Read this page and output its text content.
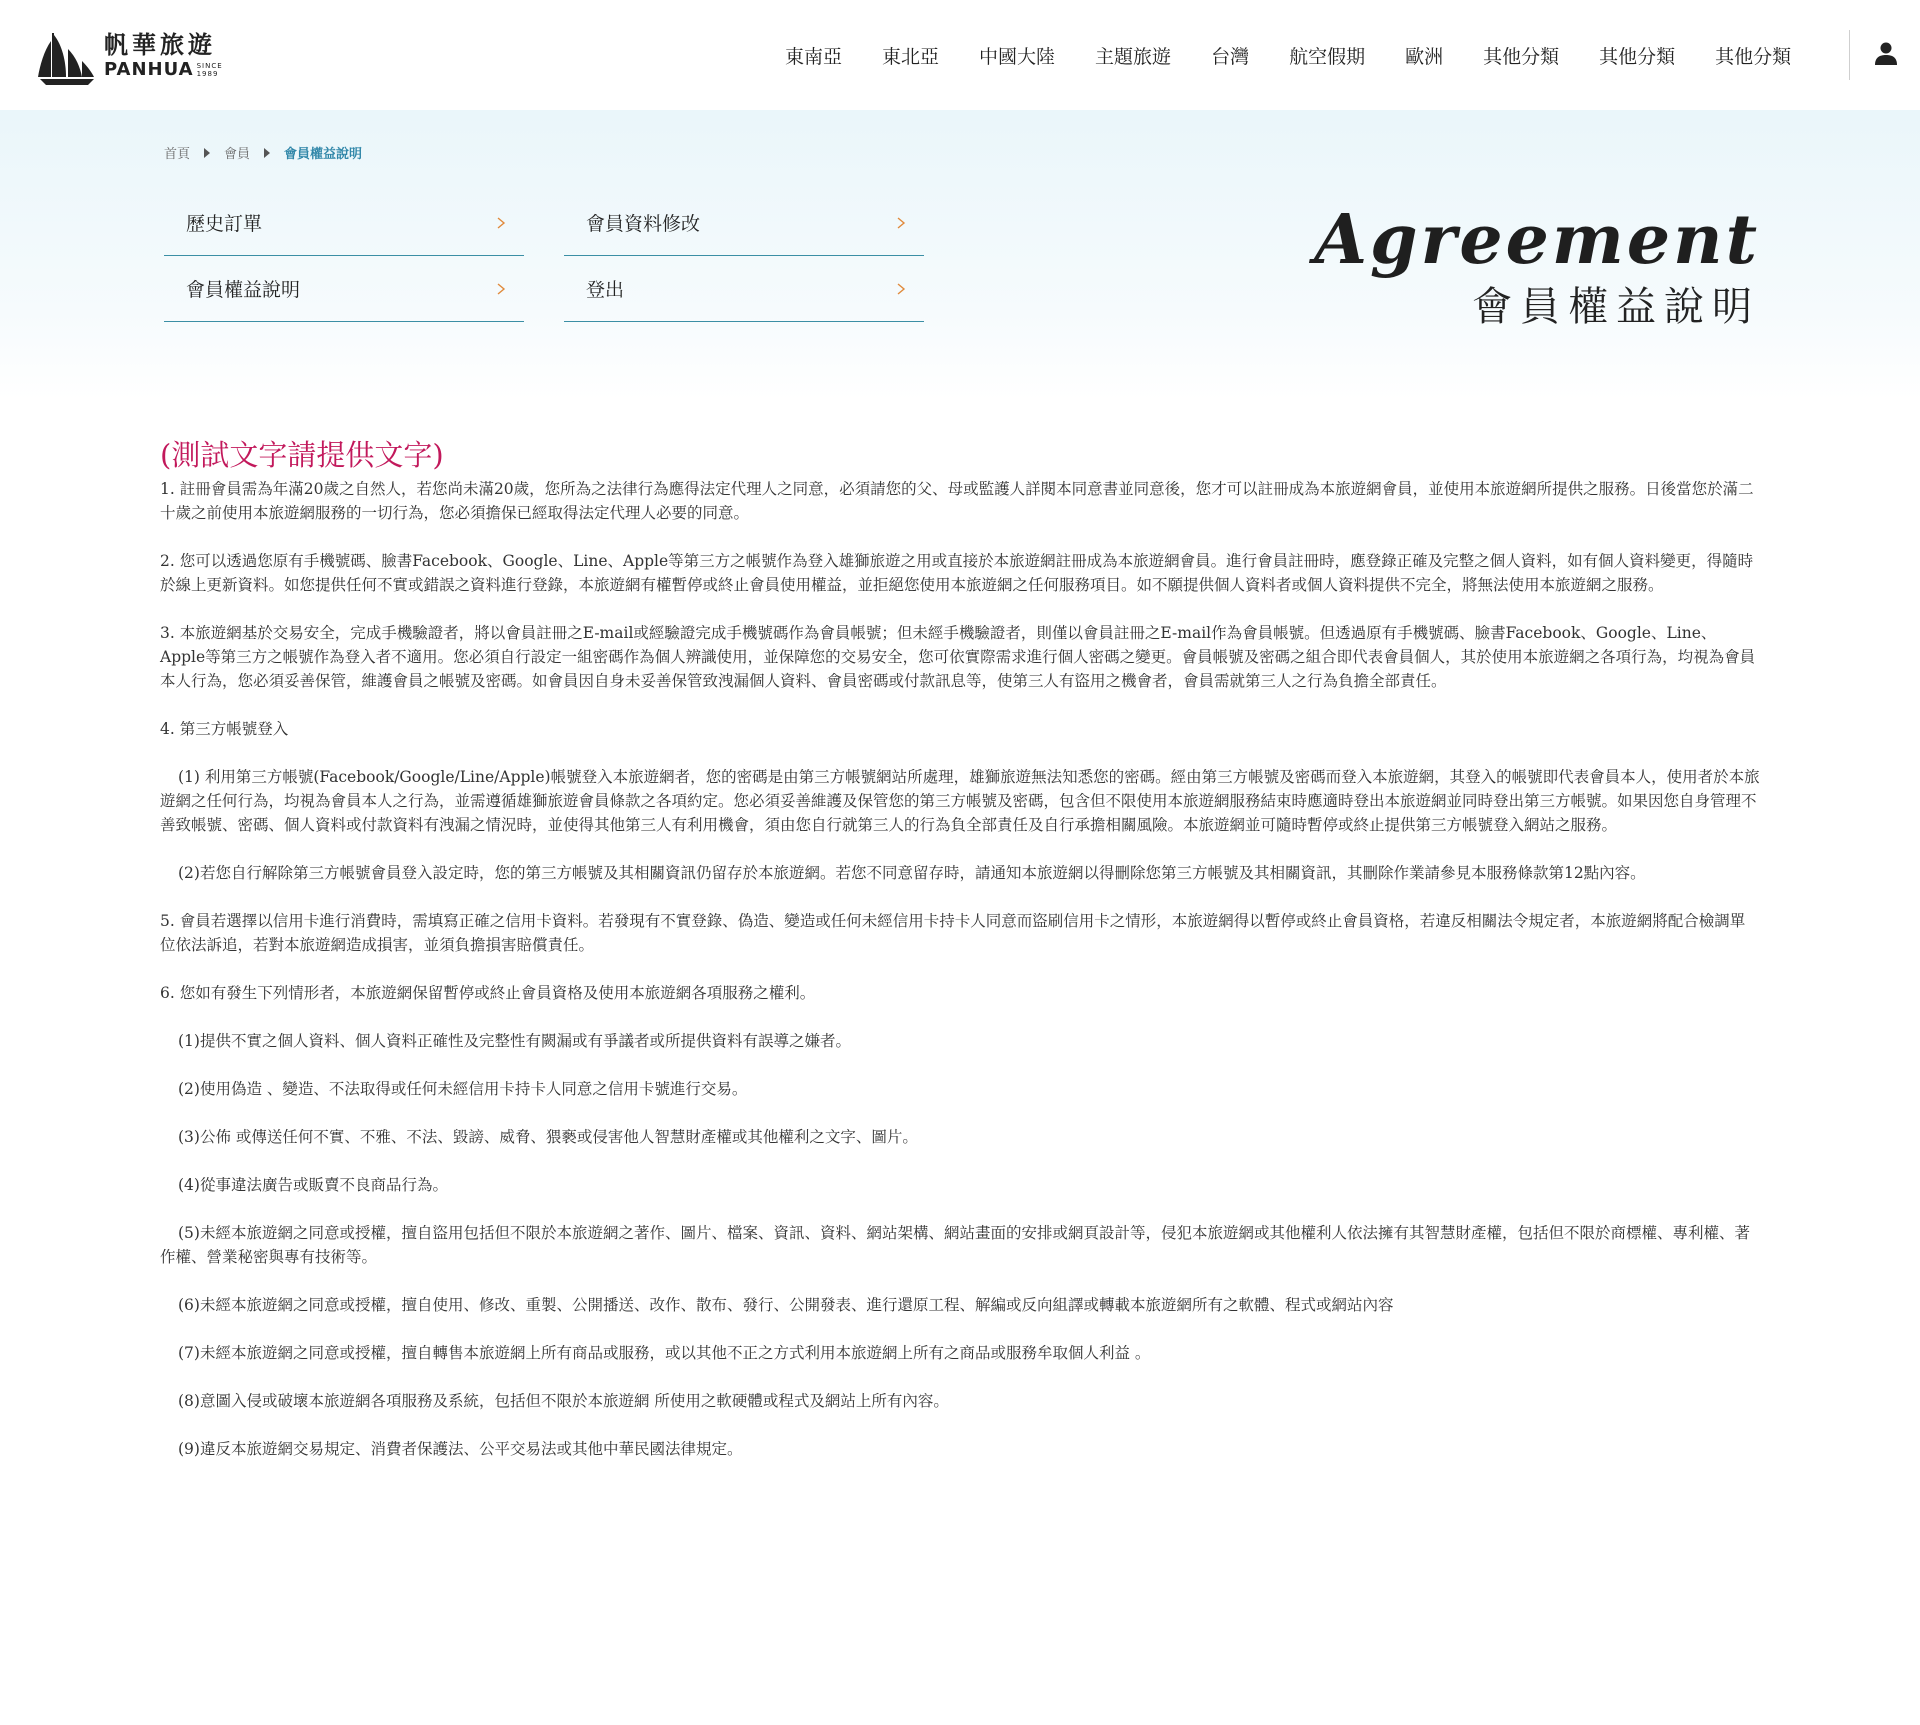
帆華旅遊
PANHUA SINCE
1989
東南亞	東北亞	中國大陸	主題旅遊	台灣	航空假期	歐洲	其他分類	其他分類	其他分類
首頁	會員	會員權益說明
歷史訂單	會員資料修改
會員權益說明	登出
Agreement
會員權益說明
(測試文字請提供文字)

1. 註冊會員需為年滿20歲之自然人，若您尚未滿20歲，您所為之法律行為應得法定代理人之同意，必須請您的父、母或監護人詳閱本同意書並同意後，您才可以註冊成為本旅遊網會員，並使用本旅遊網所提供之服務。日後當您於滿二十歲之前使用本旅遊網服務的一切行為，您必須擔保已經取得法定代理人必要的同意。

2. 您可以透過您原有手機號碼、臉書Facebook、Google、Line、Apple等第三方之帳號作為登入雄獅旅遊之用或直接於本旅遊網註冊成為本旅遊網會員。進行會員註冊時，應登錄正確及完整之個人資料，如有個人資料變更，得隨時於線上更新資料。如您提供任何不實或錯誤之資料進行登錄，本旅遊網有權暫停或終止會員使用權益，並拒絕您使用本旅遊網之任何服務項目。如不願提供個人資料者或個人資料提供不完全，將無法使用本旅遊網之服務。

3. 本旅遊網基於交易安全，完成手機驗證者，將以會員註冊之E-mail或經驗證完成手機號碼作為會員帳號；但未經手機驗證者，則僅以會員註冊之E-mail作為會員帳號。但透過原有手機號碼、臉書Facebook、Google、Line、Apple等第三方之帳號作為登入者不適用。您必須自行設定一組密碼作為個人辨識使用，並保障您的交易安全，您可依實際需求進行個人密碼之變更。會員帳號及密碼之組合即代表會員個人，其於使用本旅遊網之各項行為，均視為會員本人行為，您必須妥善保管，維護會員之帳號及密碼。如會員因自身未妥善保管致洩漏個人資料、會員密碼或付款訊息等，使第三人有盜用之機會者，會員需就第三人之行為負擔全部責任。

4. 第三方帳號登入

(1) 利用第三方帳號(Facebook/Google/Line/Apple)帳號登入本旅遊網者，您的密碼是由第三方帳號網站所處理，雄獅旅遊無法知悉您的密碼。經由第三方帳號及密碼而登入本旅遊網，其登入的帳號即代表會員本人，使用者於本旅遊網之任何行為，均視為會員本人之行為，並需遵循雄獅旅遊會員條款之各項約定。您必須妥善維護及保管您的第三方帳號及密碼，包含但不限使用本旅遊網服務結束時應適時登出本旅遊網並同時登出第三方帳號。如果因您自身管理不善致帳號、密碼、個人資料或付款資料有洩漏之情況時，並使得其他第三人有利用機會，須由您自行就第三人的行為負全部責任及自行承擔相關風險。本旅遊網並可隨時暫停或終止提供第三方帳號登入網站之服務。

(2)若您自行解除第三方帳號會員登入設定時，您的第三方帳號及其相關資訊仍留存於本旅遊網。若您不同意留存時，請通知本旅遊網以得刪除您第三方帳號及其相關資訊，其刪除作業請參見本服務條款第12點內容。

5. 會員若選擇以信用卡進行消費時，需填寫正確之信用卡資料。若發現有不實登錄、偽造、變造或任何未經信用卡持卡人同意而盜刷信用卡之情形，本旅遊網得以暫停或終止會員資格，若違反相關法令規定者，本旅遊網將配合檢調單位依法訴追，若對本旅遊網造成損害，並須負擔損害賠償責任。

6. 您如有發生下列情形者，本旅遊網保留暫停或終止會員資格及使用本旅遊網各項服務之權利。

(1)提供不實之個人資料、個人資料正確性及完整性有闕漏或有爭議者或所提供資料有誤導之嫌者。

(2)使用偽造 、變造、不法取得或任何未經信用卡持卡人同意之信用卡號進行交易。

(3)公佈 或傳送任何不實、不雅、不法、毀謗、威脅、猥褻或侵害他人智慧財產權或其他權利之文字、圖片。

(4)從事違法廣告或販賣不良商品行為。

(5)未經本旅遊網之同意或授權，擅自盜用包括但不限於本旅遊網之著作、圖片、檔案、資訊、資料、網站架構、網站畫面的安排或網頁設計等，侵犯本旅遊網或其他權利人依法擁有其智慧財產權，包括但不限於商標權、專利權、著作權、營業秘密與專有技術等。

(6)未經本旅遊網之同意或授權，擅自使用、修改、重製、公開播送、改作、散布、發行、公開發表、進行還原工程、解編或反向組譯或轉載本旅遊網所有之軟體、程式或網站內容

(7)未經本旅遊網之同意或授權，擅自轉售本旅遊網上所有商品或服務，或以其他不正之方式利用本旅遊網上所有之商品或服務牟取個人利益 。

(8)意圖入侵或破壞本旅遊網各項服務及系統，包括但不限於本旅遊網 所使用之軟硬體或程式及網站上所有內容。

(9)違反本旅遊網交易規定、消費者保護法、公平交易法或其他中華民國法律規定。
